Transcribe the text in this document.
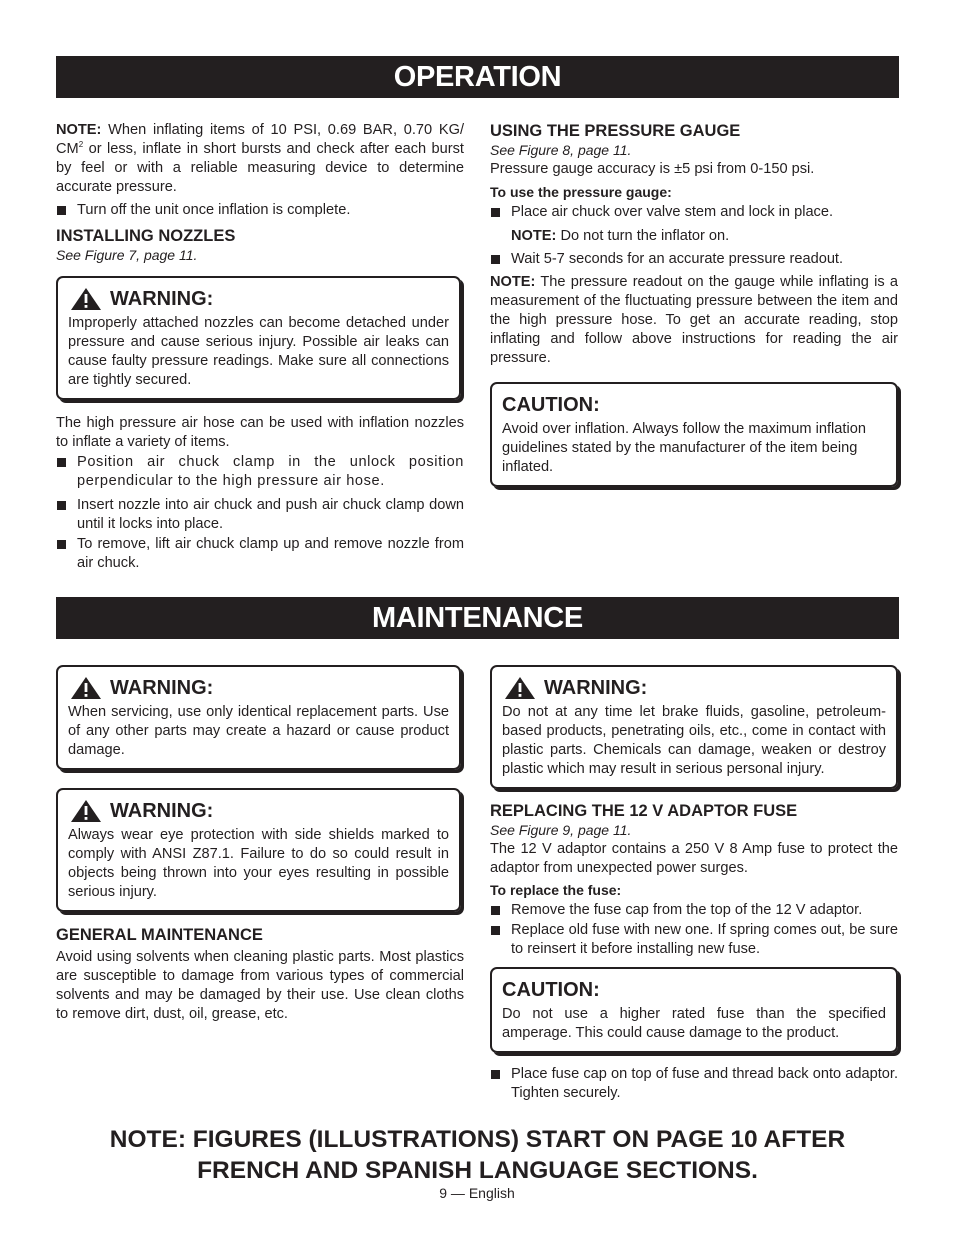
OPERATION

NOTE: When inflating items of 10 PSI, 0.69 BAR, 0.70 KG/ $CM^2$ or less, inflate in short bursts and check after each burst by feel or with a reliable measuring device to determine accurate pressure.

Turn off the unit once inflation is complete.
INSTALLING NOZZLES

See Figure 7, page 11.

WARNING:
Improperly attached nozzles can become detached under pressure and cause serious injury. Possible air leaks can cause faulty pressure readings. Make sure all connections are tightly secured.

The high pressure air hose can be used with inflation nozzles to inflate a variety of items.

Position air chuck clamp in the unlock position perpendicular to the high pressure air hose.
Insert nozzle into air chuck and push air chuck clamp down until it locks into place.
To remove, lift air chuck clamp up and remove nozzle from air chuck.
USING THE PRESSURE GAUGE

See Figure 8, page 11.

Pressure gauge accuracy is ±5 psi from 0-150 psi.

To use the pressure gauge:

Place air chuck over valve stem and lock in place.

NOTE: Do not turn the inflator on.

Wait 5-7 seconds for an accurate pressure readout.

NOTE: The pressure readout on the gauge while inflating is a measurement of the fluctuating pressure between the item and the high pressure hose. To get an accurate reading, stop inflating and follow above instructions for reading the air pressure.

CAUTION:
Avoid over inflation. Always follow the maximum inflation guidelines stated by the manufacturer of the item being inflated.
MAINTENANCE
WARNING:
When servicing, use only identical replacement parts. Use of any other parts may create a hazard or cause product damage.
WARNING:
Always wear eye protection with side shields marked to comply with ANSI Z87.1. Failure to do so could result in objects being thrown into your eyes resulting in possible serious injury.
GENERAL MAINTENANCE

Avoid using solvents when cleaning plastic parts. Most plastics are susceptible to damage from various types of commercial solvents and may be damaged by their use. Use clean cloths to remove dirt, dust, oil, grease, etc.

WARNING:
Do not at any time let brake fluids, gasoline, petroleum-based products, penetrating oils, etc., come in contact with plastic parts. Chemicals can damage, weaken or destroy plastic which may result in serious personal injury.
REPLACING THE 12 V ADAPTOR FUSE

See Figure 9, page 11.

The 12 V adaptor contains a 250 V 8 Amp fuse to protect the adaptor from unexpected power surges.

To replace the fuse:

Remove the fuse cap from the top of the 12 V adaptor.
Replace old fuse with new one. If spring comes out, be sure to reinsert it before installing new fuse.
CAUTION:
Do not use a higher rated fuse than the specified amperage. This could cause damage to the product.
Place fuse cap on top of fuse and thread back onto adaptor. Tighten securely.
NOTE: FIGURES (ILLUSTRATIONS) START ON PAGE 10 AFTER
FRENCH AND SPANISH LANGUAGE SECTIONS.
9 — English
